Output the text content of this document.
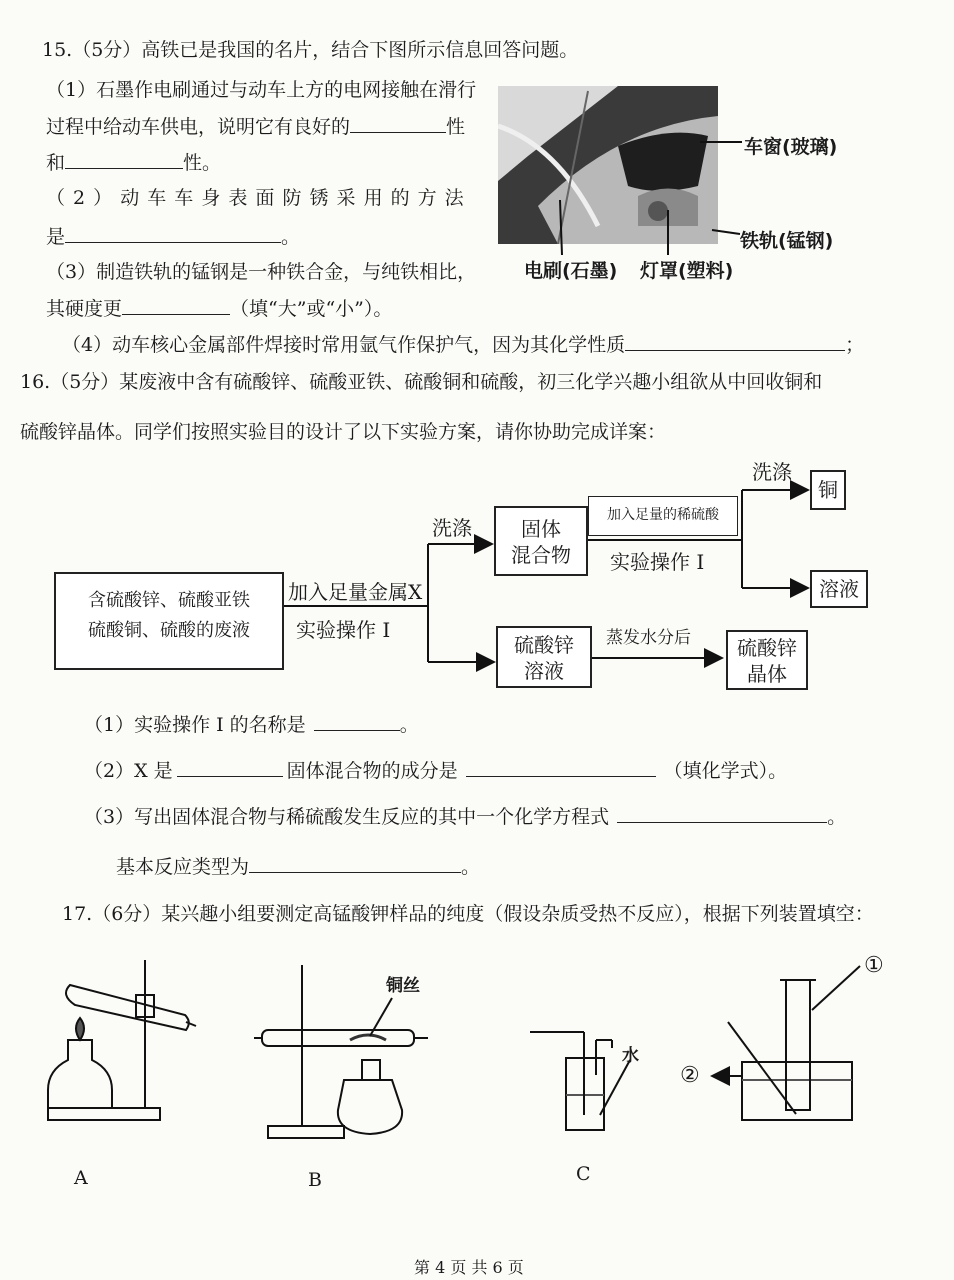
15.（5分）高铁已是我国的名片，结合下图所示信息回答问题。
（1）石墨作电刷通过与动车上方的电网接触在滑行
过程中给动车供电，说明它有良好的	性
和	性。
（ 2 ） 动 车 车 身 表 面 防 锈 采 用 的 方 法
是	。
（3）制造铁轨的锰钢是一种铁合金，与纯铁相比，
其硬度更	（填“大”或“小”）。
（4）动车核心金属部件焊接时常用氩气作保护气，因为其化学性质	；
车窗(玻璃)
铁轨(锰钢)
电刷(石墨) 灯罩(塑料)
16.（5分）某废液中含有硫酸锌、硫酸亚铁、硫酸铜和硫酸，初三化学兴趣小组欲从中回收铜和
硫酸锌晶体。同学们按照实验目的设计了以下实验方案，请你协助完成详案：
含硫酸锌、硫酸亚铁
硫酸铜、硫酸的废液
加入足量金属X
实验操作 I
洗涤	固体
混合物
加入足量的稀硫酸
实验操作 I
洗涤
铜
溶液
硫酸锌
溶液
蒸发水分后	硫酸锌
晶体
（1）实验操作 I 的名称是	。
（2）X 是	固体混合物的成分是	（填化学式）。
（3）写出固体混合物与稀硫酸发生反应的其中一个化学方程式	。
基本反应类型为	。
17.（6分）某兴趣小组要测定高锰酸钾样品的纯度（假设杂质受热不反应），根据下列装置填空：
铜丝
水
①
②
A	B	C
第 4 页 共 6 页
